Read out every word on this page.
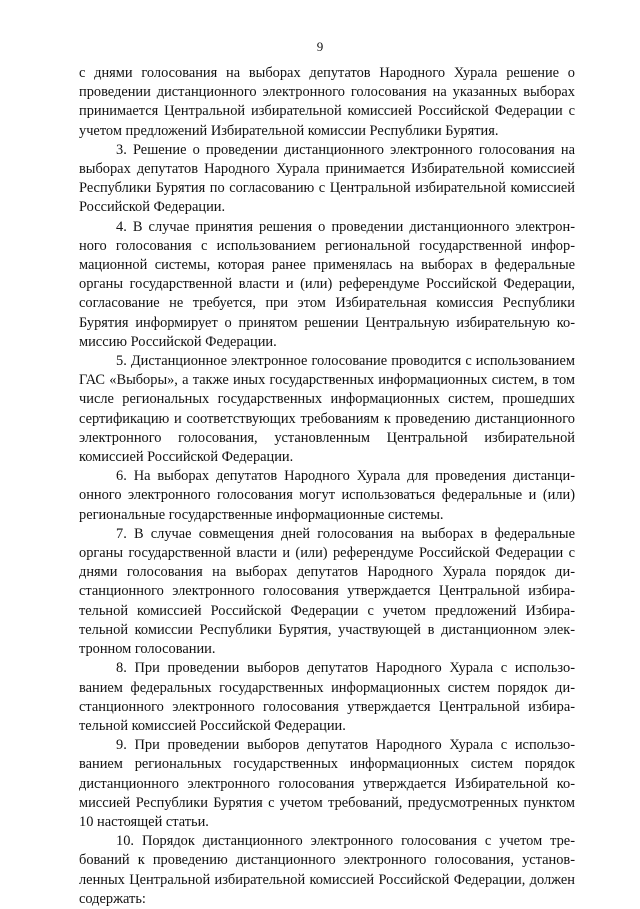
9

с днями голосования на выборах депутатов Народного Хурала решение о проведении дистанционного электронного голосования на указанных выборах принимается Центральной избирательной комиссией Российской Федерации с учетом предложений Избирательной комиссии Республики Бурятия.

3. Решение о проведении дистанционного электронного голосования на выборах депутатов Народного Хурала принимается Избирательной комиссией Республики Бурятия по согласованию с Центральной избирательной комиссией Российской Федерации.

4. В случае принятия решения о проведении дистанционного электронного голосования с использованием региональной государственной информационной системы, которая ранее применялась на выборах в федеральные органы государственной власти и (или) референдуме Российской Федерации, согласование не требуется, при этом Избирательная комиссия Республики Бурятия информирует о принятом решении Центральную избирательную комиссию Российской Федерации.

5. Дистанционное электронное голосование проводится с использованием ГАС «Выборы», а также иных государственных информационных систем, в том числе региональных государственных информационных систем, прошедших сертификацию и соответствующих требованиям к проведению дистанционного электронного голосования, установленным Центральной избирательной комиссией Российской Федерации.

6. На выборах депутатов Народного Хурала для проведения дистанционного электронного голосования могут использоваться федеральные и (или) региональные государственные информационные системы.

7. В случае совмещения дней голосования на выборах в федеральные органы государственной власти и (или) референдуме Российской Федерации с днями голосования на выборах депутатов Народного Хурала порядок дистанционного электронного голосования утверждается Центральной избирательной комиссией Российской Федерации с учетом предложений Избирательной комиссии Республики Бурятия, участвующей в дистанционном электронном голосовании.

8. При проведении выборов депутатов Народного Хурала с использованием федеральных государственных информационных систем порядок дистанционного электронного голосования утверждается Центральной избирательной комиссией Российской Федерации.

9. При проведении выборов депутатов Народного Хурала с использованием региональных государственных информационных систем порядок дистанционного электронного голосования утверждается Избирательной комиссией Республики Бурятия с учетом требований, предусмотренных пунктом 10 настоящей статьи.

10. Порядок дистанционного электронного голосования с учетом требований к проведению дистанционного электронного голосования, установленных Центральной избирательной комиссией Российской Федерации, должен содержать:
